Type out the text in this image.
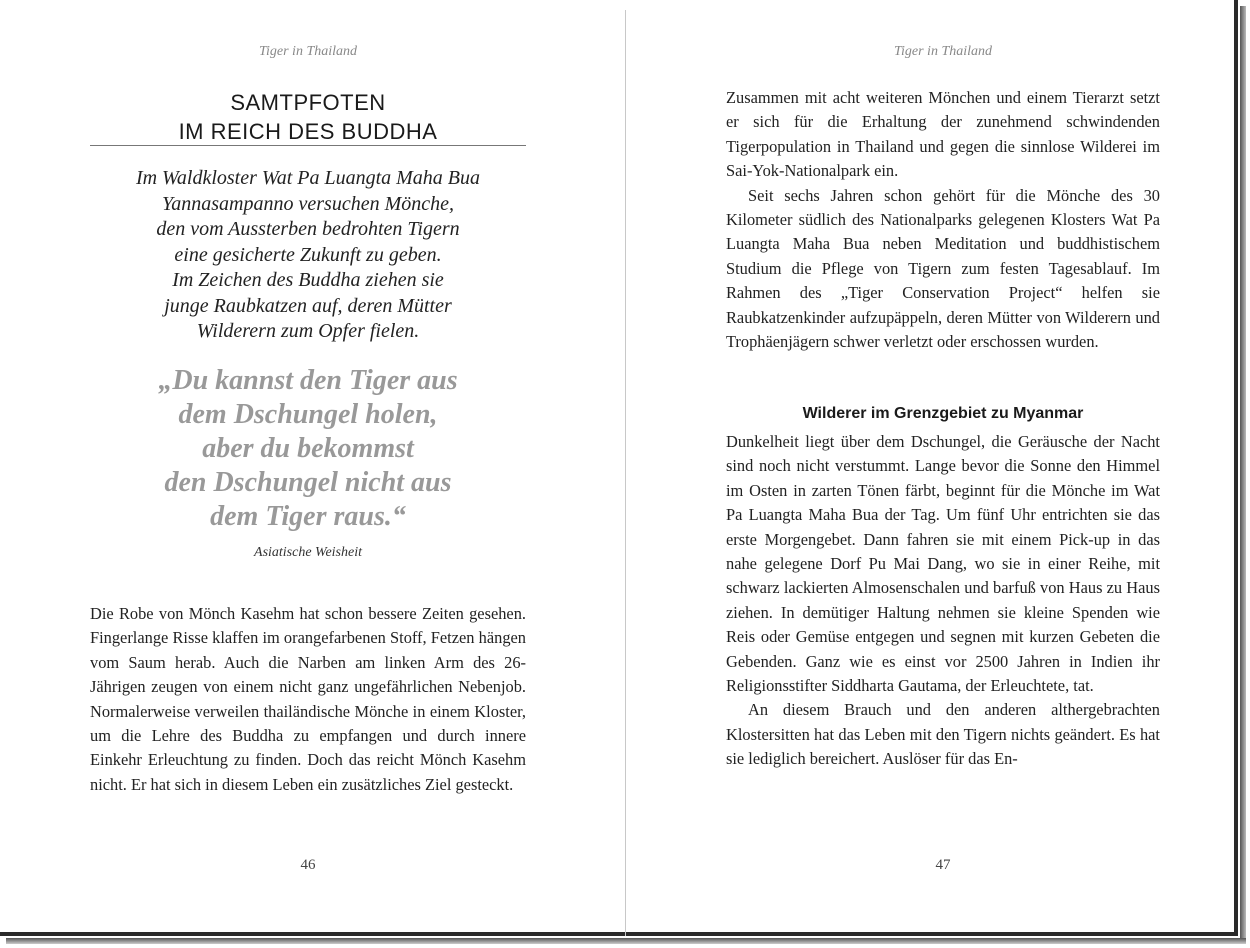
Tiger in Thailand
SAMTPFOTEN
IM REICH DES BUDDHA
Im Waldkloster Wat Pa Luangta Maha Bua
Yannasampanno versuchen Mönche,
den vom Aussterben bedrohten Tigern
eine gesicherte Zukunft zu geben.
Im Zeichen des Buddha ziehen sie
junge Raubkatzen auf, deren Mütter
Wilderern zum Opfer fielen.
„Du kannst den Tiger aus
dem Dschungel holen,
aber du bekommst
den Dschungel nicht aus
dem Tiger raus.“
Asiatische Weisheit

Die Robe von Mönch Kasehm hat schon bessere Zeiten gesehen. Fingerlange Risse klaffen im orangefarbenen Stoff, Fetzen hängen vom Saum herab. Auch die Narben am linken Arm des 26-Jährigen zeugen von einem nicht ganz ungefährlichen Nebenjob. Normalerweise verweilen thailändische Mönche in einem Kloster, um die Lehre des Buddha zu empfangen und durch innere Einkehr Erleuchtung zu finden. Doch das reicht Mönch Kasehm nicht. Er hat sich in diesem Leben ein zusätzliches Ziel gesteckt.

46
Tiger in Thailand

Zusammen mit acht weiteren Mönchen und einem Tierarzt setzt er sich für die Erhaltung der zunehmend schwindenden Tigerpopulation in Thailand und gegen die sinnlose Wilderei im Sai-Yok-Nationalpark ein.

Seit sechs Jahren schon gehört für die Mönche des 30 Kilometer südlich des Nationalparks gelegenen Klosters Wat Pa Luangta Maha Bua neben Meditation und buddhistischem Studium die Pflege von Tigern zum festen Tagesablauf. Im Rahmen des „Tiger Conservation Project“ helfen sie Raubkatzenkinder aufzupäppeln, deren Mütter von Wilderern und Trophäenjägern schwer verletzt oder erschossen wurden.

Wilderer im Grenzgebiet zu Myanmar

Dunkelheit liegt über dem Dschungel, die Geräusche der Nacht sind noch nicht verstummt. Lange bevor die Sonne den Himmel im Osten in zarten Tönen färbt, beginnt für die Mönche im Wat Pa Luangta Maha Bua der Tag. Um fünf Uhr entrichten sie das erste Morgengebet. Dann fahren sie mit einem Pick-up in das nahe gelegene Dorf Pu Mai Dang, wo sie in einer Reihe, mit schwarz lackierten Almosenschalen und barfuß von Haus zu Haus ziehen. In demütiger Haltung nehmen sie kleine Spenden wie Reis oder Gemüse entgegen und segnen mit kurzen Gebeten die Gebenden. Ganz wie es einst vor 2500 Jahren in Indien ihr Religionsstifter Siddharta Gautama, der Erleuchtete, tat.

An diesem Brauch und den anderen althergebrachten Klostersitten hat das Leben mit den Tigern nichts geändert. Es hat sie lediglich bereichert. Auslöser für das En-

47
